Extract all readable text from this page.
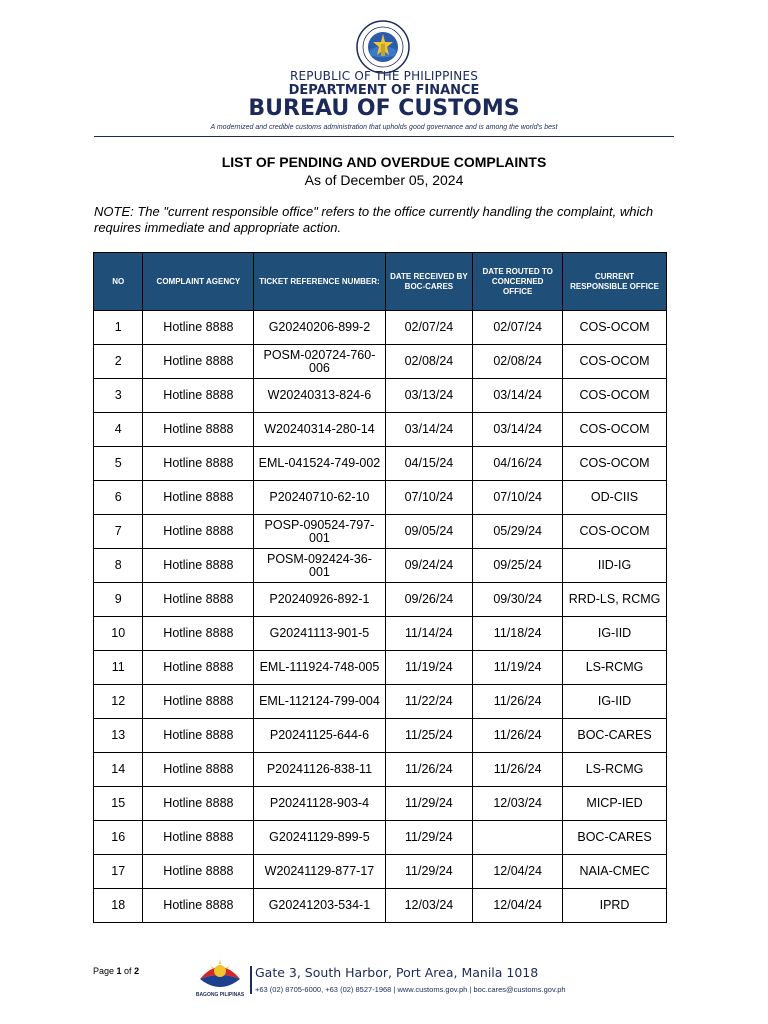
REPUBLIC OF THE PHILIPPINES
DEPARTMENT OF FINANCE
BUREAU OF CUSTOMS
A modernized and credible customs administration that upholds good governance and is among the world's best
LIST OF PENDING AND OVERDUE COMPLAINTS
As of December 05, 2024
NOTE: The "current responsible office" refers to the office currently handling the complaint, which requires immediate and appropriate action.
NO	COMPLAINT AGENCY	TICKET REFERENCE NUMBER:	DATE RECEIVED BY BOC-CARES	DATE ROUTED TO CONCERNED OFFICE	CURRENT RESPONSIBLE OFFICE
1	Hotline 8888	G20240206-899-2	02/07/24	02/07/24	COS-OCOM
2	Hotline 8888	POSM-020724-760-006	02/08/24	02/08/24	COS-OCOM
3	Hotline 8888	W20240313-824-6	03/13/24	03/14/24	COS-OCOM
4	Hotline 8888	W20240314-280-14	03/14/24	03/14/24	COS-OCOM
5	Hotline 8888	EML-041524-749-002	04/15/24	04/16/24	COS-OCOM
6	Hotline 8888	P20240710-62-10	07/10/24	07/10/24	OD-CIIS
7	Hotline 8888	POSP-090524-797-001	09/05/24	05/29/24	COS-OCOM
8	Hotline 8888	POSM-092424-36-001	09/24/24	09/25/24	IID-IG
9	Hotline 8888	P20240926-892-1	09/26/24	09/30/24	RRD-LS, RCMG
10	Hotline 8888	G20241113-901-5	11/14/24	11/18/24	IG-IID
11	Hotline 8888	EML-111924-748-005	11/19/24	11/19/24	LS-RCMG
12	Hotline 8888	EML-112124-799-004	11/22/24	11/26/24	IG-IID
13	Hotline 8888	P20241125-644-6	11/25/24	11/26/24	BOC-CARES
14	Hotline 8888	P20241126-838-11	11/26/24	11/26/24	LS-RCMG
15	Hotline 8888	P20241128-903-4	11/29/24	12/03/24	MICP-IED
16	Hotline 8888	G20241129-899-5	11/29/24		BOC-CARES
17	Hotline 8888	W20241129-877-17	11/29/24	12/04/24	NAIA-CMEC
18	Hotline 8888	G20241203-534-1	12/03/24	12/04/24	IPRD
Page 1 of 2
BAGONG PILIPINAS
Gate 3, South Harbor, Port Area, Manila 1018
+63 (02) 8705-6000, +63 (02) 8527-1968 | www.customs.gov.ph | boc.cares@customs.gov.ph
